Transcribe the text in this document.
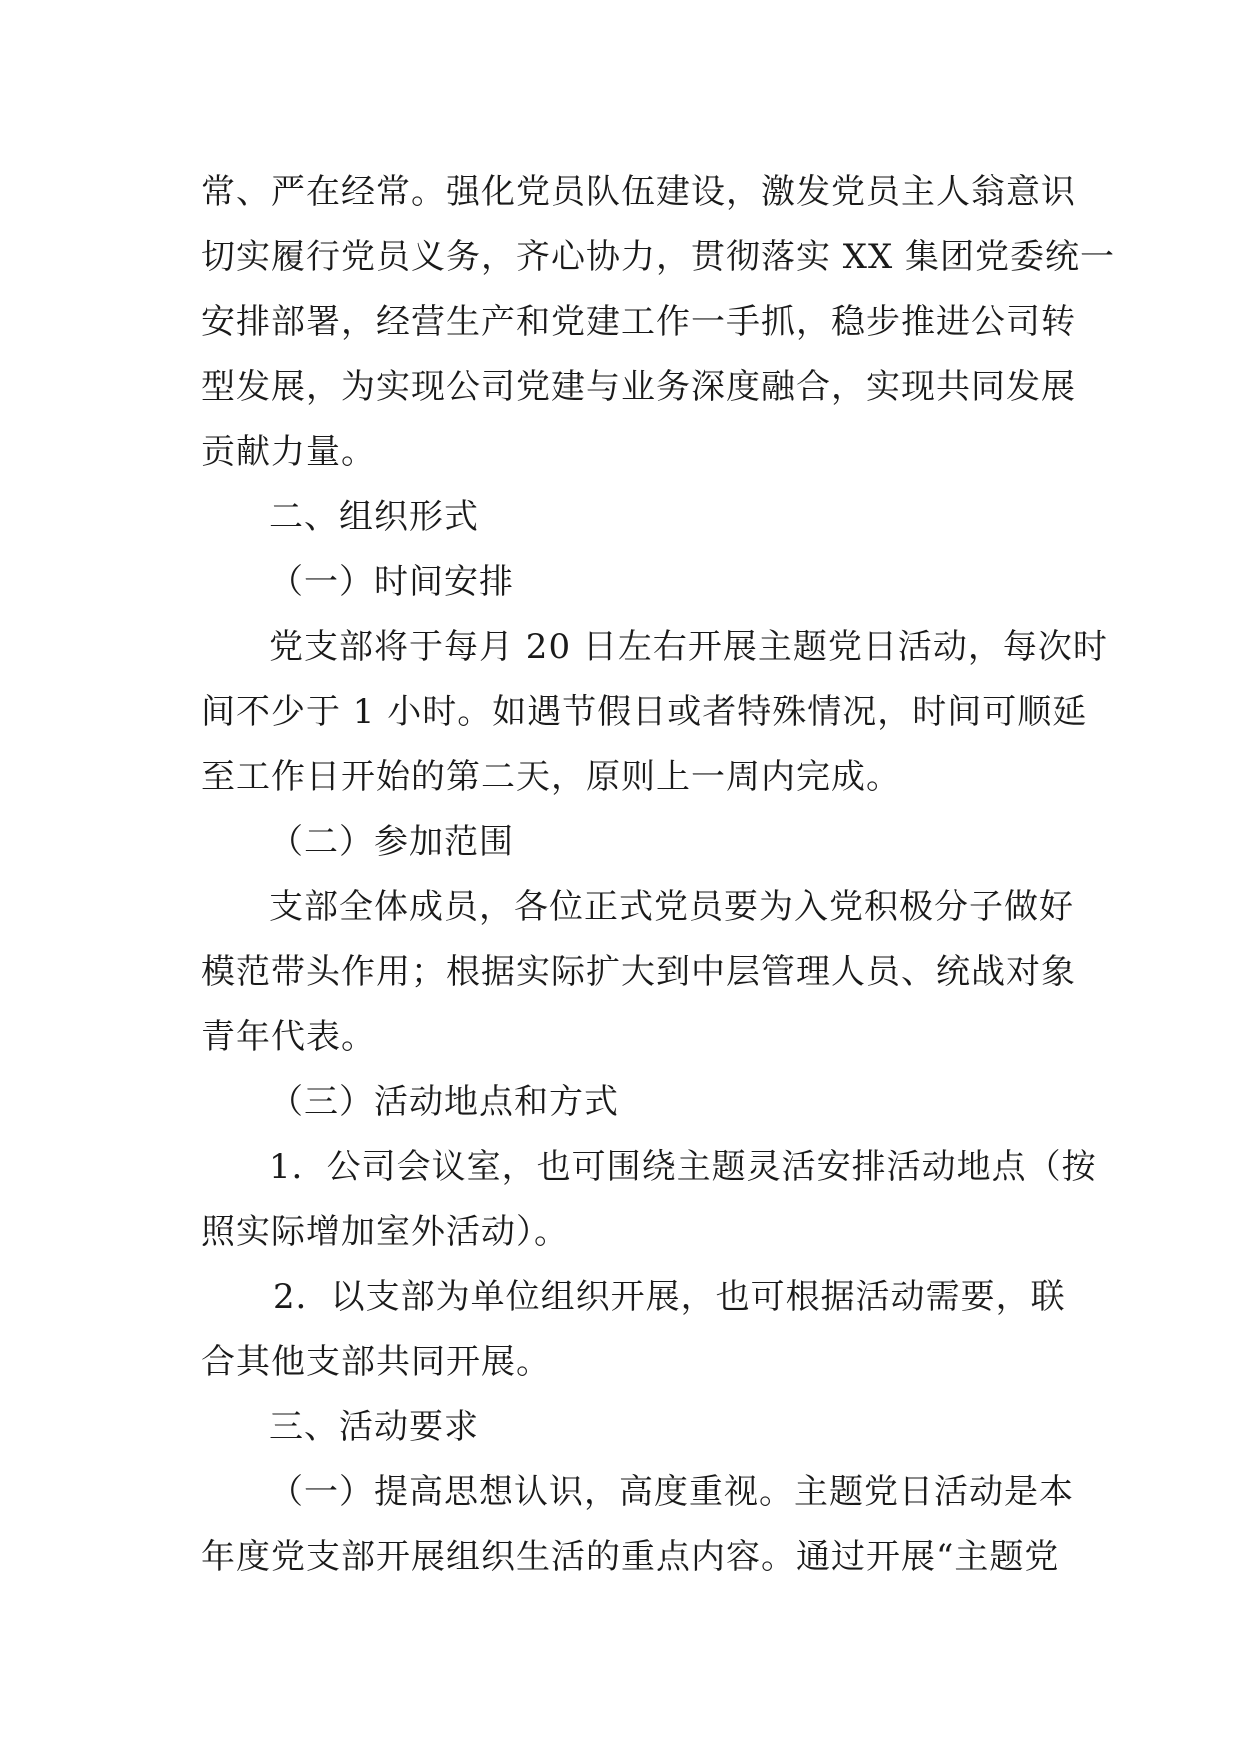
常、严在经常。强化党员队伍建设，激发党员主人翁意识
切实履行党员义务，齐心协力，贯彻落实 XX 集团党委统一
安排部署，经营生产和党建工作一手抓，稳步推进公司转
型发展，为实现公司党建与业务深度融合，实现共同发展
贡献力量。
二、组织形式
（一）时间安排
党支部将于每月 20 日左右开展主题党日活动，每次时
间不少于 1 小时。如遇节假日或者特殊情况，时间可顺延
至工作日开始的第二天，原则上一周内完成。
（二）参加范围
支部全体成员，各位正式党员要为入党积极分子做好
模范带头作用；根据实际扩大到中层管理人员、统战对象
青年代表。
（三）活动地点和方式
1．公司会议室，也可围绕主题灵活安排活动地点（按
照实际增加室外活动）。
2．以支部为单位组织开展，也可根据活动需要，联
合其他支部共同开展。
三、活动要求
（一）提高思想认识，高度重视。主题党日活动是本
年度党支部开展组织生活的重点内容。通过开展“主题党
